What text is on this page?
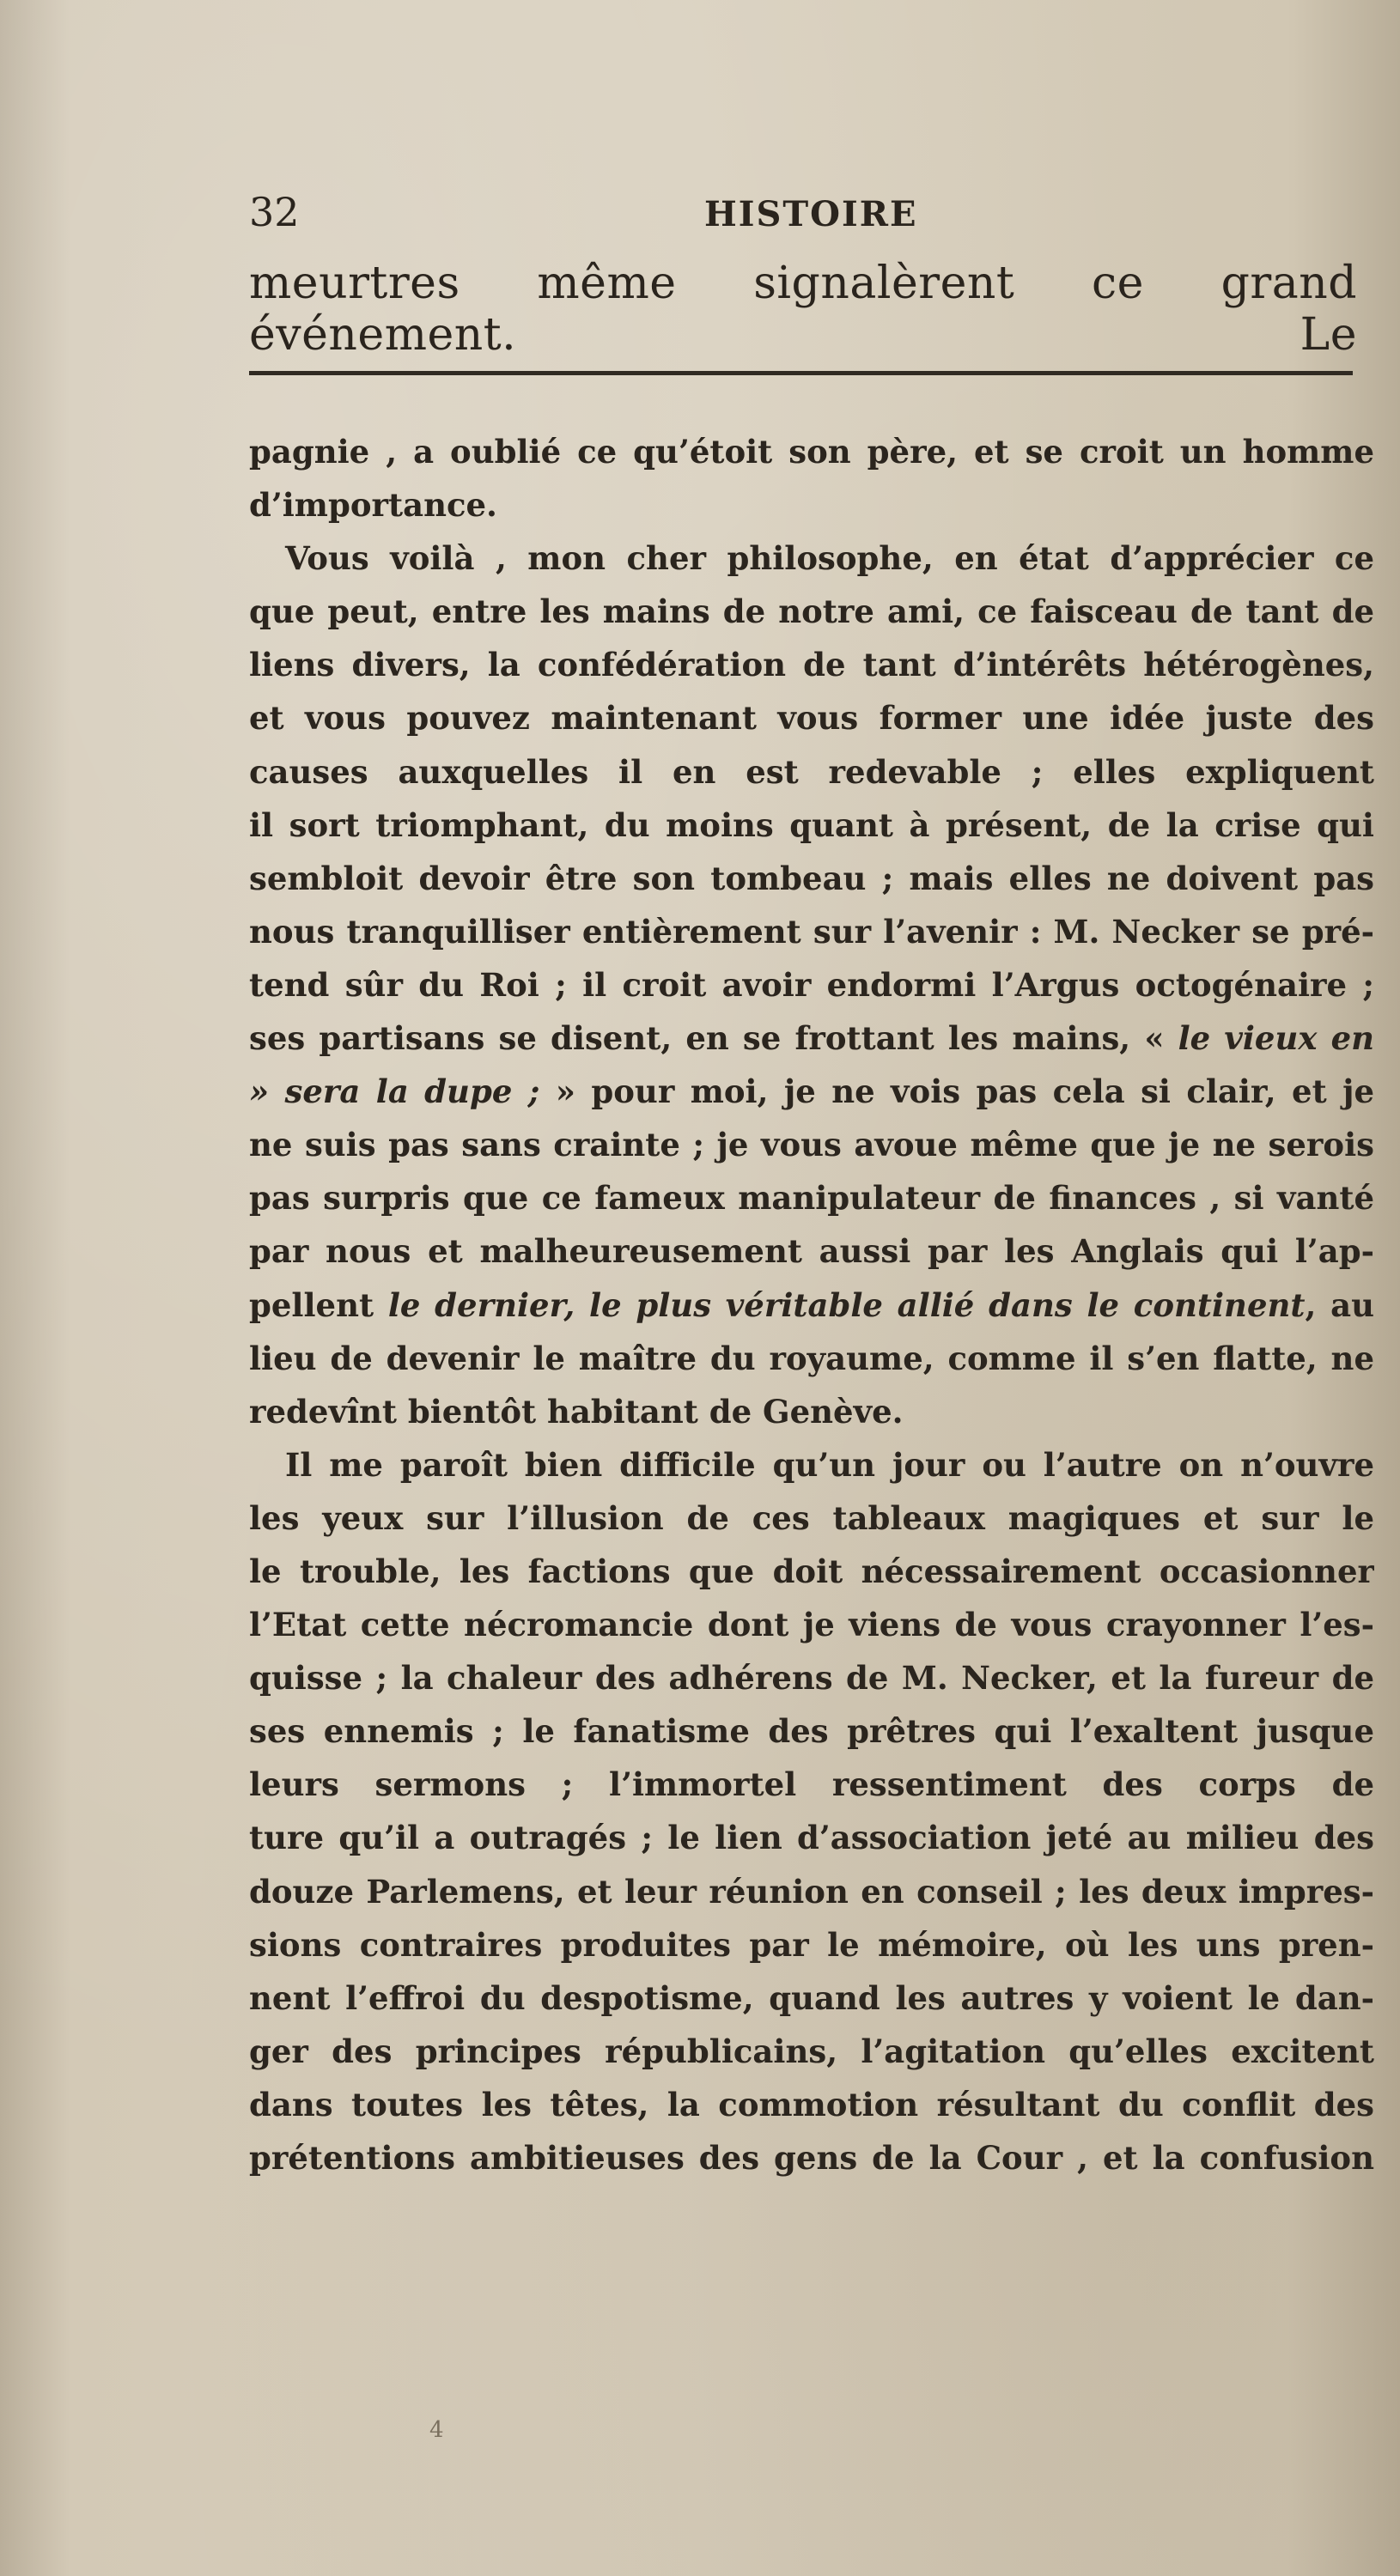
32	HISTOIRE
meurtres même signalèrent ce grand événement. Le
pagnie , a oublié ce qu’étoit son père, et se croit un homme
d’importance.
Vous voilà , mon cher philosophe, en état d’apprécier ce
que peut, entre les mains de notre ami, ce faisceau de tant de
liens divers, la confédération de tant d’intérêts hétérogènes,
et vous pouvez maintenant vous former une idée juste des
causes auxquelles il en est redevable ; elles expliquent
il sort triomphant, du moins quant à présent, de la crise qui
sembloit devoir être son tombeau ; mais elles ne doivent pas
nous tranquilliser entièrement sur l’avenir : M. Necker se pré-
tend sûr du Roi ; il croit avoir endormi l’Argus octogénaire ;
ses partisans se disent, en se frottant les mains, « le vieux en
» sera la dupe ; » pour moi, je ne vois pas cela si clair, et je
ne suis pas sans crainte ; je vous avoue même que je ne serois
pas surpris que ce fameux manipulateur de finances , si vanté
par nous et malheureusement aussi par les Anglais qui l’ap-
pellent le dernier, le plus véritable allié dans le continent, au
lieu de devenir le maître du royaume, comme il s’en flatte, ne
redevînt bientôt habitant de Genève.
Il me paroît bien difficile qu’un jour ou l’autre on n’ouvre
les yeux sur l’illusion de ces tableaux magiques et sur le
le trouble, les factions que doit nécessairement occasionner
l’Etat cette nécromancie dont je viens de vous crayonner l’es-
quisse ; la chaleur des adhérens de M. Necker, et la fureur de
ses ennemis ; le fanatisme des prêtres qui l’exaltent jusque
leurs sermons ; l’immortel ressentiment des corps de
ture qu’il a outragés ; le lien d’association jeté au milieu des
douze Parlemens, et leur réunion en conseil ; les deux impres-
sions contraires produites par le mémoire, où les uns pren-
nent l’effroi du despotisme, quand les autres y voient le dan-
ger des principes républicains, l’agitation qu’elles excitent
dans toutes les têtes, la commotion résultant du conflit des
prétentions ambitieuses des gens de la Cour , et la confusion
4
